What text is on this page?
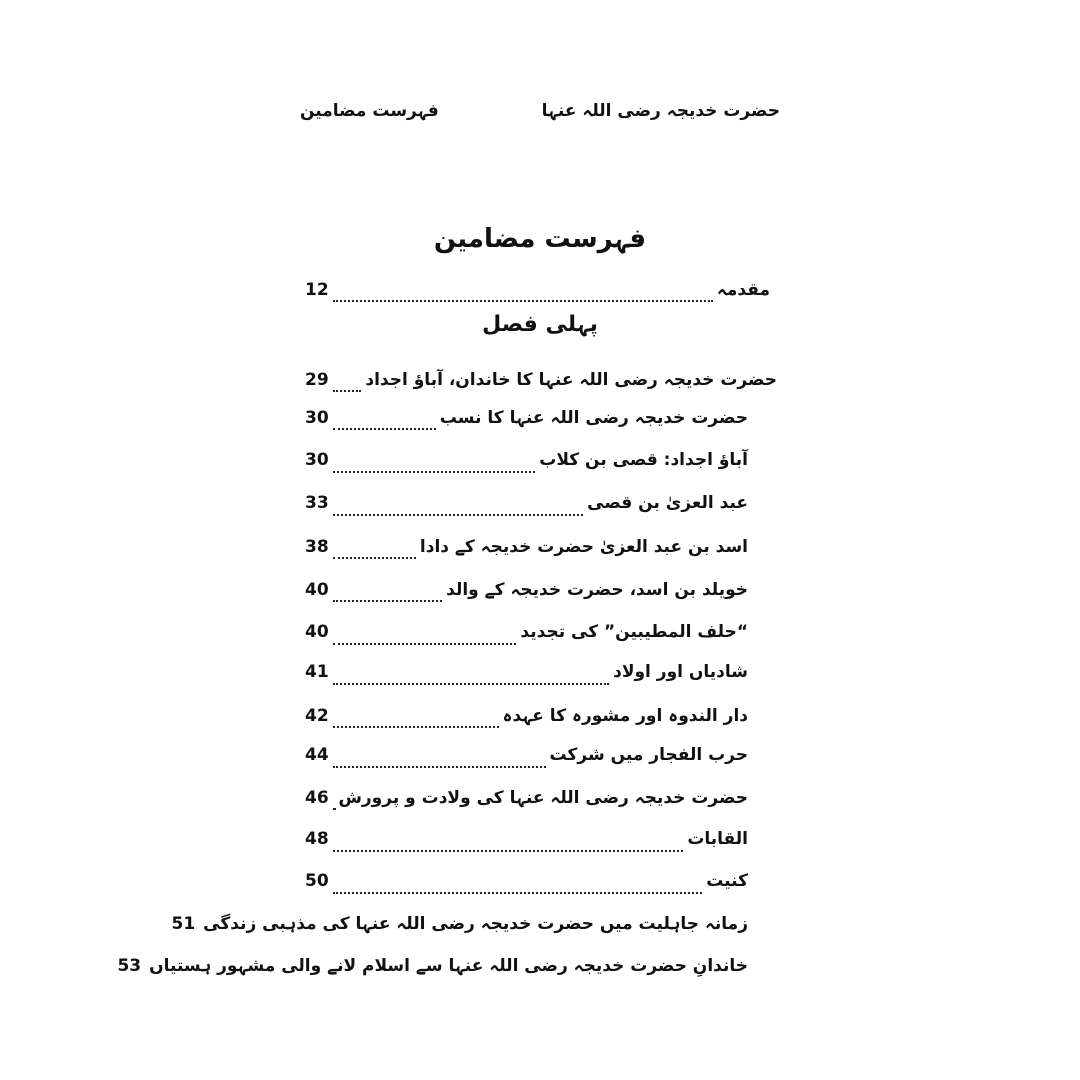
حضرت خدیجہ رضی اللہ عنہا
فہرست مضامین
فہرست مضامین
مقدمہ
12
پہلی فصل
حضرت خدیجہ رضی اللہ عنہا کا خاندان، آباؤ اجداد
29
حضرت خدیجہ رضی اللہ عنہا کا نسب
30
آباؤ اجداد: قصی بن کلاب
30
عبد العزیٰ بن قصی
33
اسد بن عبد العزیٰ حضرت خدیجہ کے دادا
38
خویلد بن اسد، حضرت خدیجہ کے والد
40
“حلف المطیبین” کی تجدید
40
شادیاں اور اولاد
41
دار الندوہ اور مشورہ کا عہدہ
42
حرب الفجار میں شرکت
44
حضرت خدیجہ رضی اللہ عنہا کی ولادت و پرورش
46
القابات
48
کنیت
50
زمانہ جاہلیت میں حضرت خدیجہ رضی اللہ عنہا کی مذہبی زندگی
51
خاندانِ حضرت خدیجہ رضی اللہ عنہا سے اسلام لانے والی مشہور ہستیاں
53
